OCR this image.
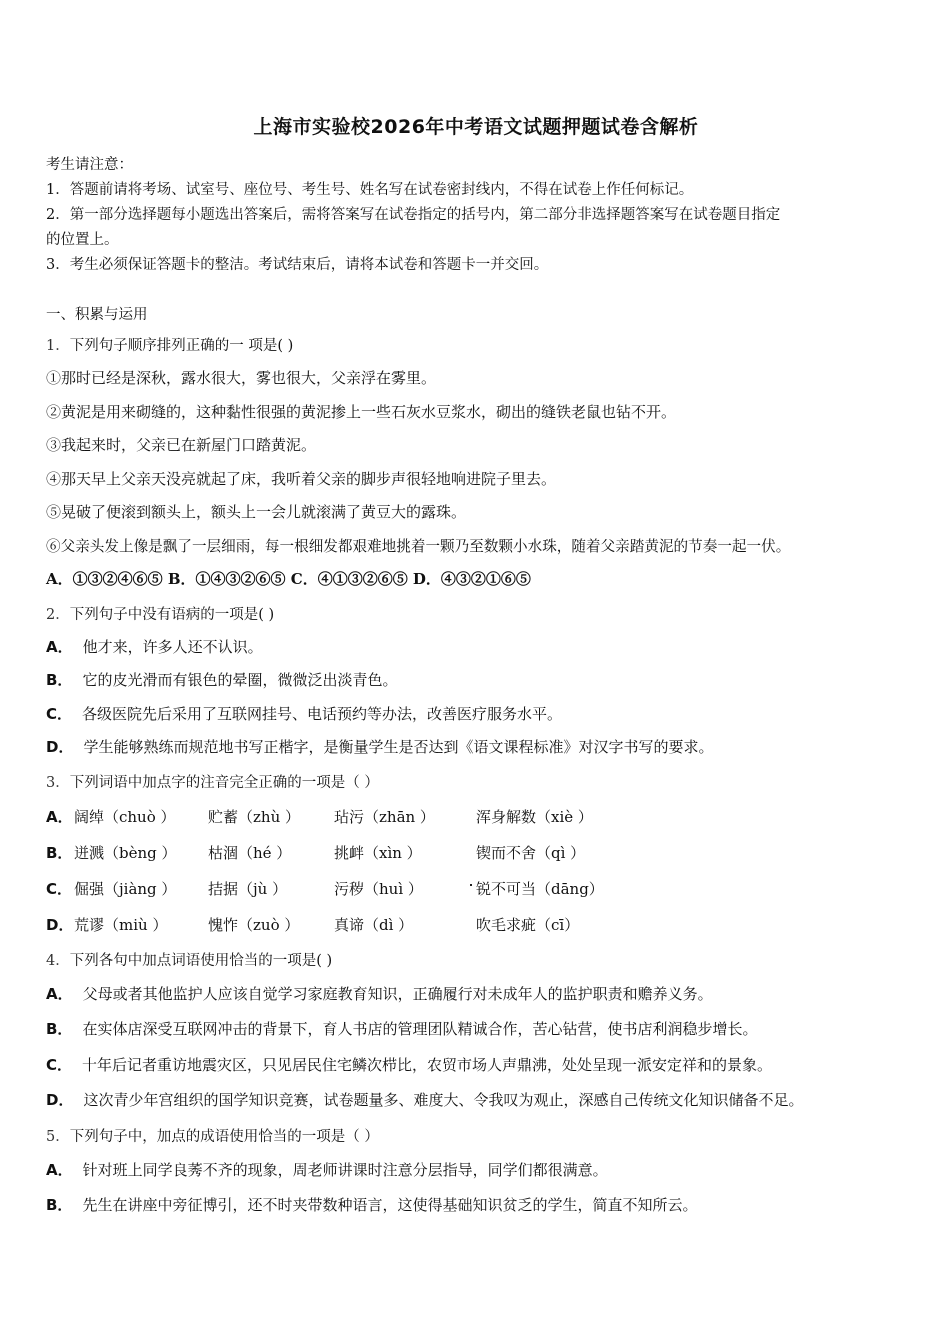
上海市实验校2026年中考语文试题押题试卷含解析
考生请注意：
1．答题前请将考场、试室号、座位号、考生号、姓名写在试卷密封线内，不得在试卷上作任何标记。
2．第一部分选择题每小题选出答案后，需将答案写在试卷指定的括号内，第二部分非选择题答案写在试卷题目指定
的位置上。
3．考生必须保证答题卡的整洁。考试结束后，请将本试卷和答题卡一并交回。
一、积累与运用
1．下列句子顺序排列正确的一 项是( )
①那时已经是深秋，露水很大，雾也很大，父亲浮在雾里。
②黄泥是用来砌缝的，这种黏性很强的黄泥掺上一些石灰水豆浆水，砌出的缝铁老鼠也钻不开。
③我起来时，父亲已在新屋门口踏黄泥。
④那天早上父亲天没亮就起了床，我听着父亲的脚步声很轻地响进院子里去。
⑤晃破了便滚到额头上，额头上一会儿就滚满了黄豆大的露珠。
⑥父亲头发上像是飘了一层细雨，每一根细发都艰难地挑着一颗乃至数颗小水珠，随着父亲踏黄泥的节奏一起一伏。
A．①③②④⑥⑤ B．①④③②⑥⑤ C．④①③②⑥⑤ D．④③②①⑥⑤
2．下列句子中没有语病的一项是( )
A． 他才来，许多人还不认识。
B． 它的皮光滑而有银色的晕圈，微微泛出淡青色。
C． 各级医院先后采用了互联网挂号、电话预约等办法，改善医疗服务水平。
D． 学生能够熟练而规范地书写正楷字，是衡量学生是否达到《语文课程标准》对汉字书写的要求。
3．下列词语中加点字的注音完全正确的一项是（ ）
A． 阔绰（chuò ）	贮蓄（zhù ）	玷污（zhān ）	浑身解数（xiè ）
B． 迸溅（bèng ）	枯涸（hé ）	挑衅（xìn ）	锲而不舍（qì ）
C． 倔强（jiàng ）	拮据（jù ）	污秽（huì ）	锐不可当（dāng）
D． 荒谬（miù ）	愧怍（zuò ）	真谛（dì ）	吹毛求疵（cī）
4．下列各句中加点词语使用恰当的一项是( )
A． 父母或者其他监护人应该自觉学习家庭教育知识，正确履行对未成年人的监护职责和赡养义务。
B． 在实体店深受互联网冲击的背景下，育人书店的管理团队精诚合作，苦心钻营，使书店利润稳步增长。
C． 十年后记者重访地震灾区，只见居民住宅鳞次栉比，农贸市场人声鼎沸，处处呈现一派安定祥和的景象。
D． 这次青少年宫组织的国学知识竞赛，试卷题量多、难度大、令我叹为观止，深感自己传统文化知识储备不足。
5．下列句子中，加点的成语使用恰当的一项是（ ）
A． 针对班上同学良莠不齐的现象，周老师讲课时注意分层指导，同学们都很满意。
B． 先生在讲座中旁征博引，还不时夹带数种语言，这使得基础知识贫乏的学生，简直不知所云。
